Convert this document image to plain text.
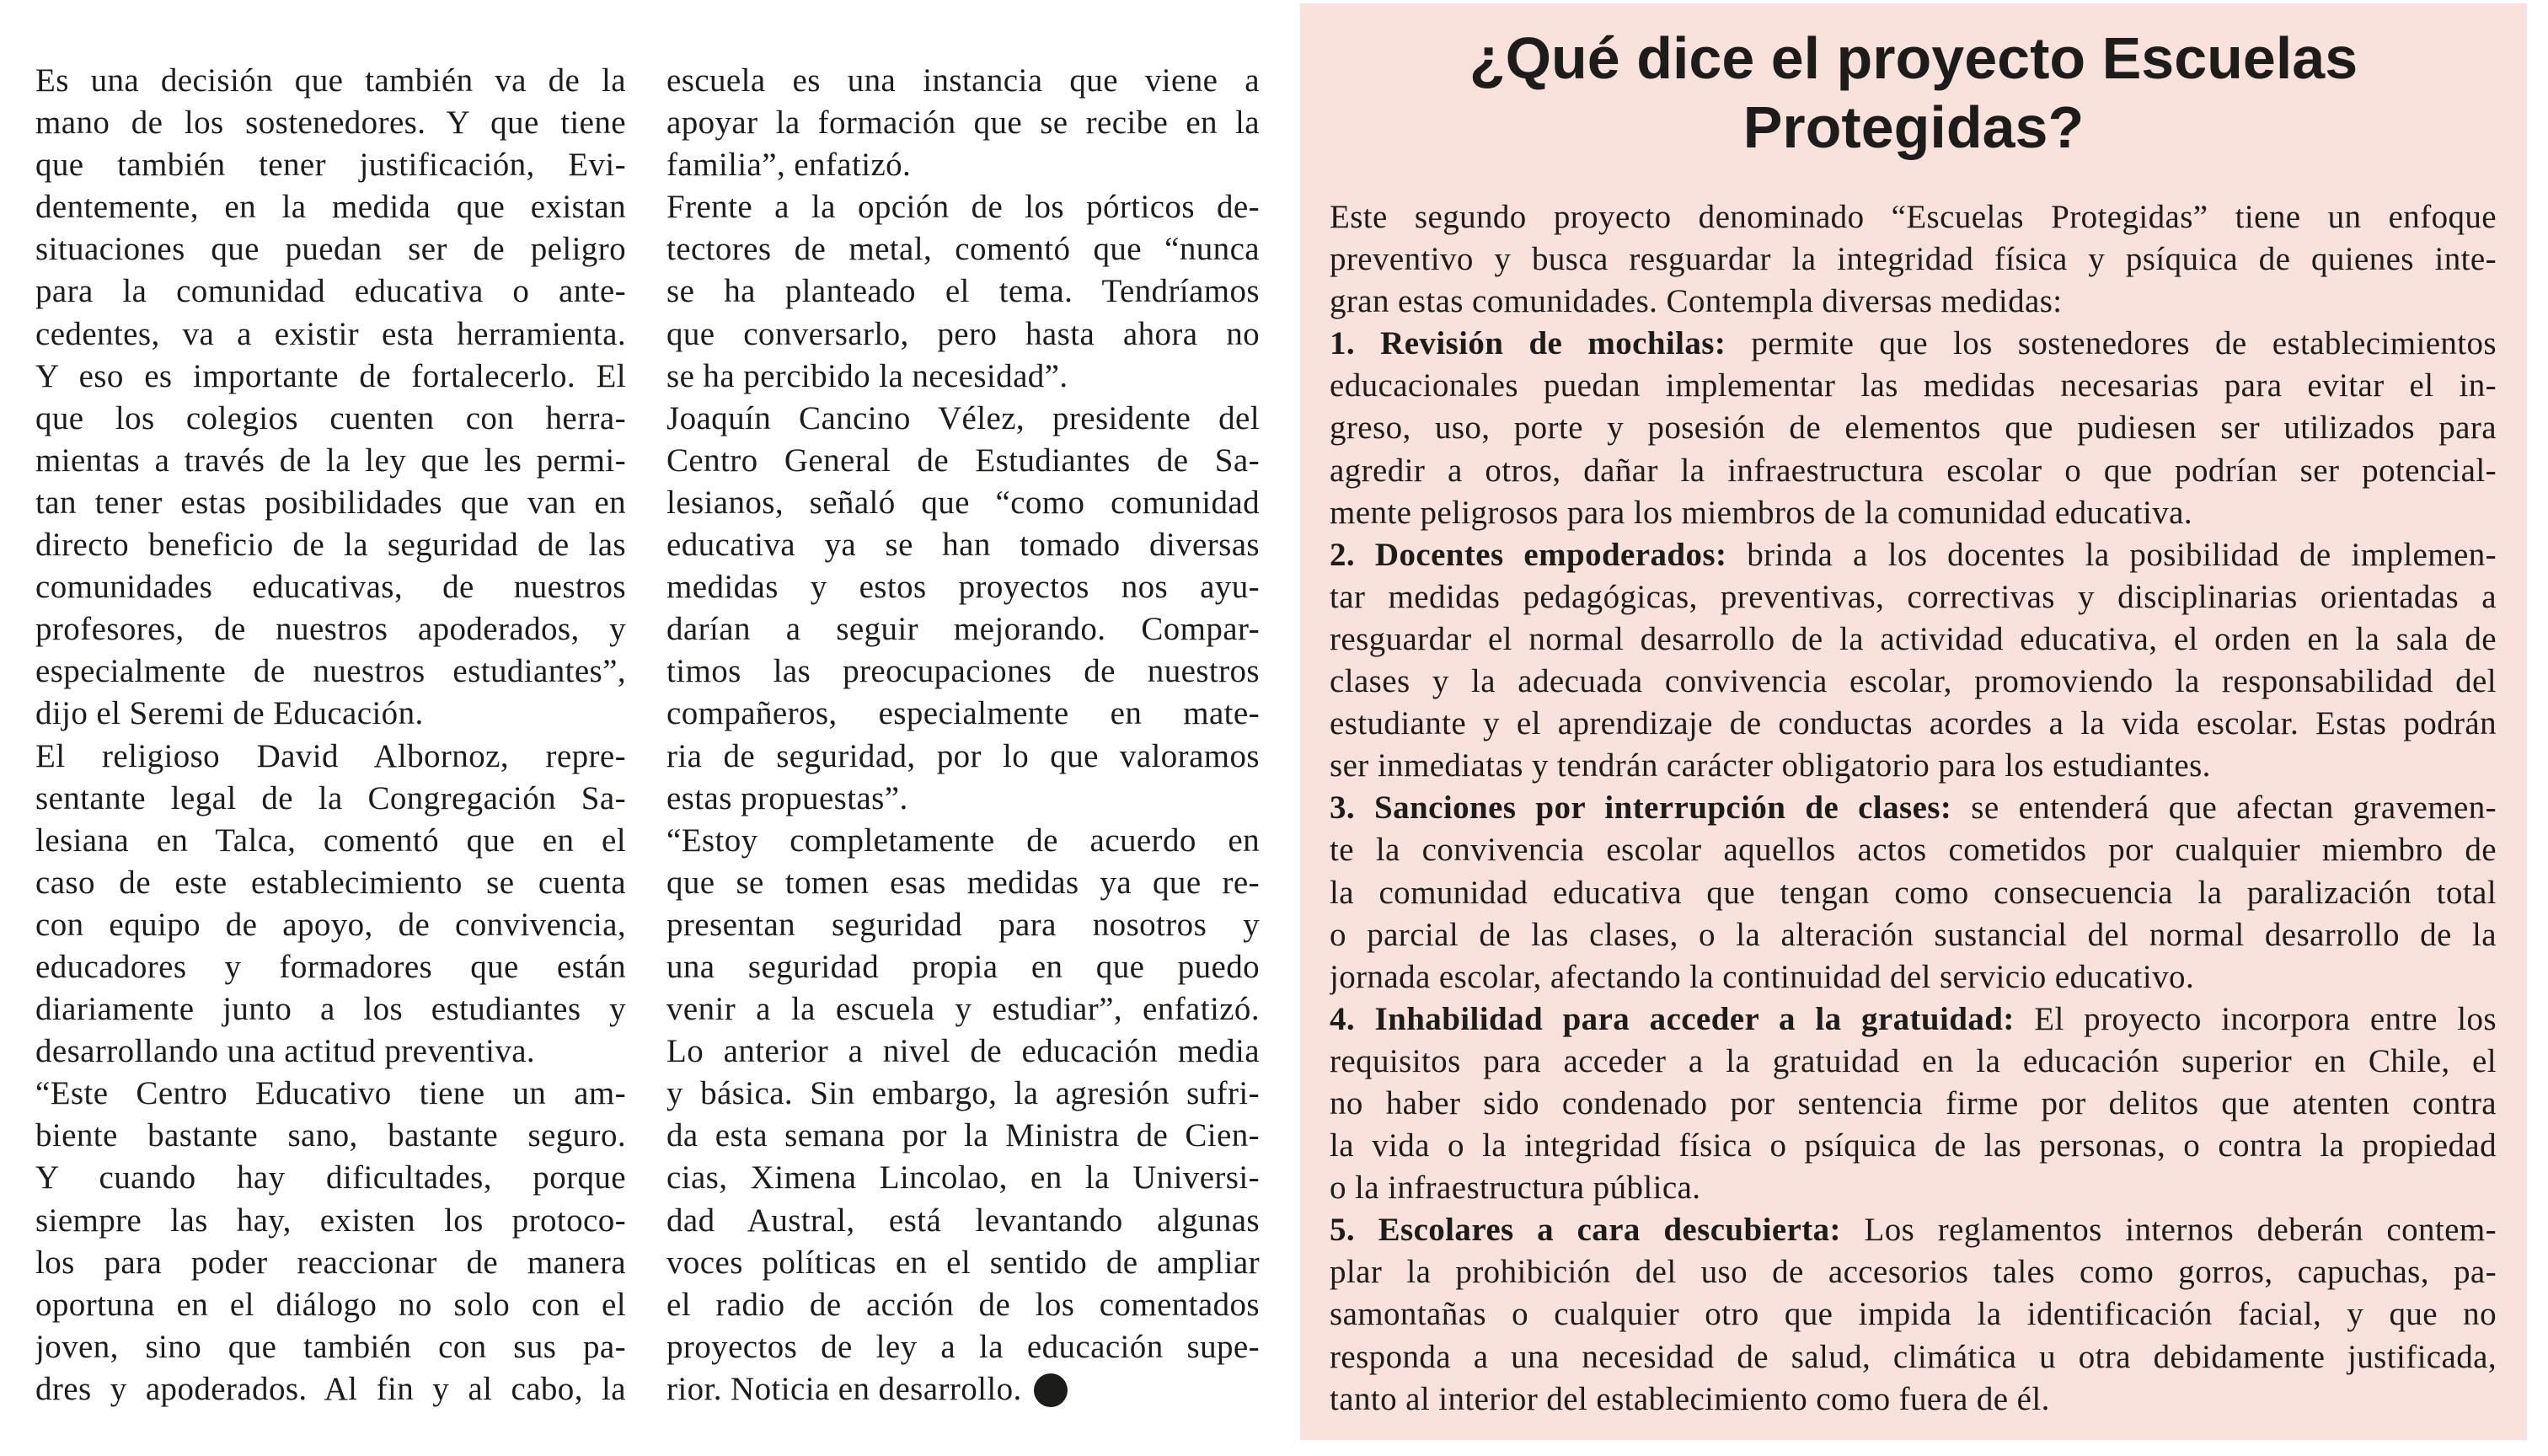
Es una decisión que también va de la
mano de los sostenedores. Y que tiene
que también tener justificación, Evi-
dentemente, en la medida que existan
situaciones que puedan ser de peligro
para la comunidad educativa o ante-
cedentes, va a existir esta herramienta.
Y eso es importante de fortalecerlo. El
que los colegios cuenten con herra-
mientas a través de la ley que les permi-
tan tener estas posibilidades que van en
directo beneficio de la seguridad de las
comunidades educativas, de nuestros
profesores, de nuestros apoderados, y
especialmente de nuestros estudiantes”,
dijo el Seremi de Educación.
El religioso David Albornoz, repre-
sentante legal de la Congregación Sa-
lesiana en Talca, comentó que en el
caso de este establecimiento se cuenta
con equipo de apoyo, de convivencia,
educadores y formadores que están
diariamente junto a los estudiantes y
desarrollando una actitud preventiva.
“Este Centro Educativo tiene un am-
biente bastante sano, bastante seguro.
Y cuando hay dificultades, porque
siempre las hay, existen los protoco-
los para poder reaccionar de manera
oportuna en el diálogo no solo con el
joven, sino que también con sus pa-
dres y apoderados. Al fin y al cabo, la
escuela es una instancia que viene a
apoyar la formación que se recibe en la
familia”, enfatizó.
Frente a la opción de los pórticos de-
tectores de metal, comentó que “nunca
se ha planteado el tema. Tendríamos
que conversarlo, pero hasta ahora no
se ha percibido la necesidad”.
Joaquín Cancino Vélez, presidente del
Centro General de Estudiantes de Sa-
lesianos, señaló que “como comunidad
educativa ya se han tomado diversas
medidas y estos proyectos nos ayu-
darían a seguir mejorando. Compar-
timos las preocupaciones de nuestros
compañeros, especialmente en mate-
ria de seguridad, por lo que valoramos
estas propuestas”.
“Estoy completamente de acuerdo en
que se tomen esas medidas ya que re-
presentan seguridad para nosotros y
una seguridad propia en que puedo
venir a la escuela y estudiar”, enfatizó.
Lo anterior a nivel de educación media
y básica. Sin embargo, la agresión sufri-
da esta semana por la Ministra de Cien-
cias, Ximena Lincolao, en la Universi-
dad Austral, está levantando algunas
voces políticas en el sentido de ampliar
el radio de acción de los comentados
proyectos de ley a la educación supe-
rior. Noticia en desarrollo.
¿Qué dice el proyecto Escuelas
Protegidas?
Este segundo proyecto denominado “Escuelas Protegidas” tiene un enfoque
preventivo y busca resguardar la integridad física y psíquica de quienes inte-
gran estas comunidades. Contempla diversas medidas:
1. Revisión de mochilas: permite que los sostenedores de establecimientos
educacionales puedan implementar las medidas necesarias para evitar el in-
greso, uso, porte y posesión de elementos que pudiesen ser utilizados para
agredir a otros, dañar la infraestructura escolar o que podrían ser potencial-
mente peligrosos para los miembros de la comunidad educativa.
2. Docentes empoderados: brinda a los docentes la posibilidad de implemen-
tar medidas pedagógicas, preventivas, correctivas y disciplinarias orientadas a
resguardar el normal desarrollo de la actividad educativa, el orden en la sala de
clases y la adecuada convivencia escolar, promoviendo la responsabilidad del
estudiante y el aprendizaje de conductas acordes a la vida escolar. Estas podrán
ser inmediatas y tendrán carácter obligatorio para los estudiantes.
3. Sanciones por interrupción de clases: se entenderá que afectan gravemen-
te la convivencia escolar aquellos actos cometidos por cualquier miembro de
la comunidad educativa que tengan como consecuencia la paralización total
o parcial de las clases, o la alteración sustancial del normal desarrollo de la
jornada escolar, afectando la continuidad del servicio educativo.
4. Inhabilidad para acceder a la gratuidad: El proyecto incorpora entre los
requisitos para acceder a la gratuidad en la educación superior en Chile, el
no haber sido condenado por sentencia firme por delitos que atenten contra
la vida o la integridad física o psíquica de las personas, o contra la propiedad
o la infraestructura pública.
5. Escolares a cara descubierta: Los reglamentos internos deberán contem-
plar la prohibición del uso de accesorios tales como gorros, capuchas, pa-
samontañas o cualquier otro que impida la identificación facial, y que no
responda a una necesidad de salud, climática u otra debidamente justificada,
tanto al interior del establecimiento como fuera de él.
